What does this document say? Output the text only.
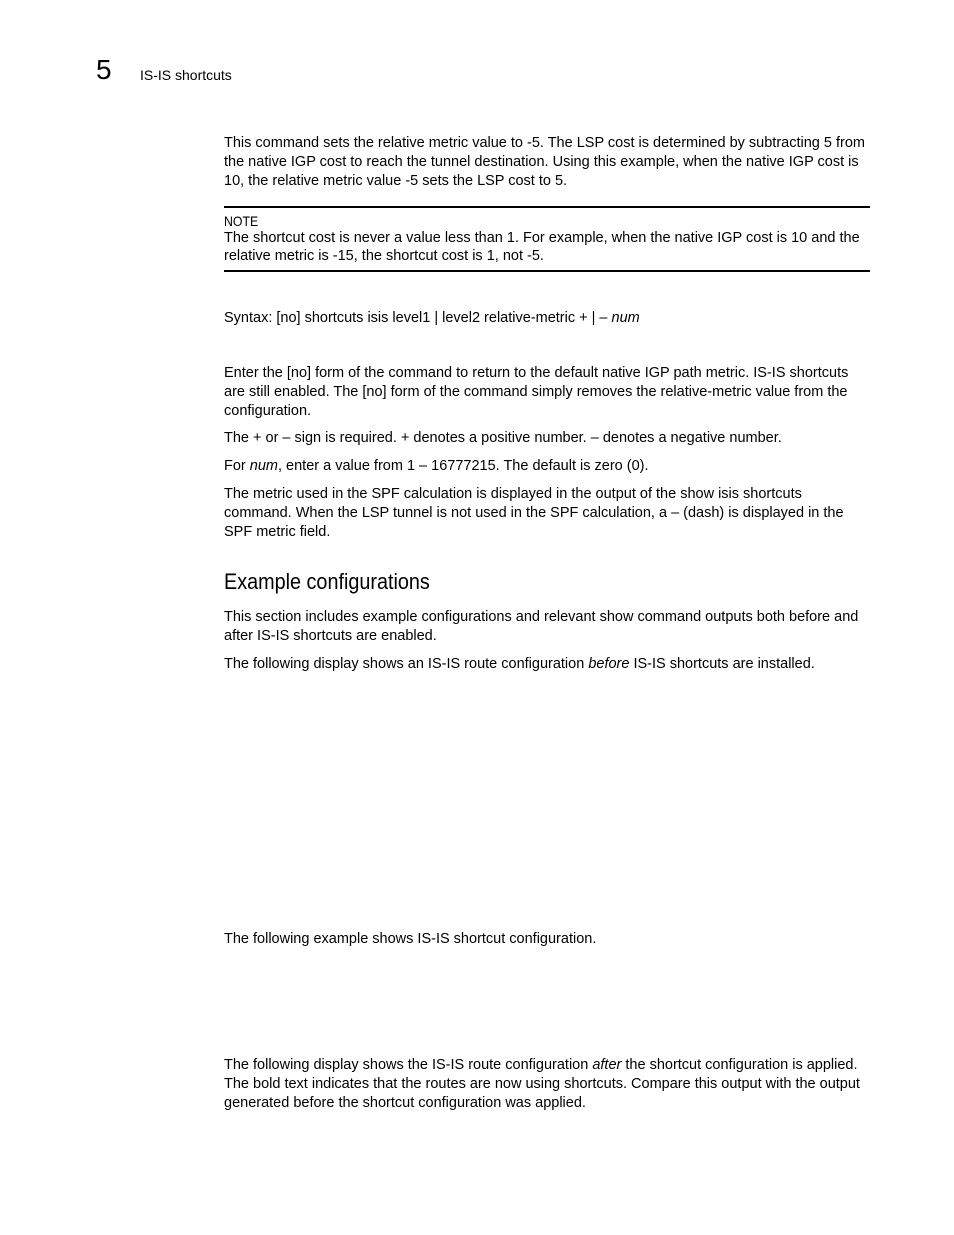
5 IS-IS shortcuts

This command sets the relative metric value to -5. The LSP cost is determined by subtracting 5 from the native IGP cost to reach the tunnel destination. Using this example, when the native IGP cost is 10, the relative metric value -5 sets the LSP cost to 5.

NOTE
The shortcut cost is never a value less than 1. For example, when the native IGP cost is 10 and the relative metric is -15, the shortcut cost is 1, not -5.
Syntax: [no] shortcuts isis level1 | level2 relative-metric + | – num

Enter the [no] form of the command to return to the default native IGP path metric. IS-IS shortcuts are still enabled. The [no] form of the command simply removes the relative-metric value from the configuration.

The + or – sign is required. + denotes a positive number. – denotes a negative number.

For num, enter a value from 1 – 16777215. The default is zero (0).

The metric used in the SPF calculation is displayed in the output of the show isis shortcuts command. When the LSP tunnel is not used in the SPF calculation, a – (dash) is displayed in the SPF metric field.

Example configurations

This section includes example configurations and relevant show command outputs both before and after IS-IS shortcuts are enabled.

The following display shows an IS-IS route configuration before IS-IS shortcuts are installed.

The following example shows IS-IS shortcut configuration.

The following display shows the IS-IS route configuration after the shortcut configuration is applied. The bold text indicates that the routes are now using shortcuts. Compare this output with the output generated before the shortcut configuration was applied.
